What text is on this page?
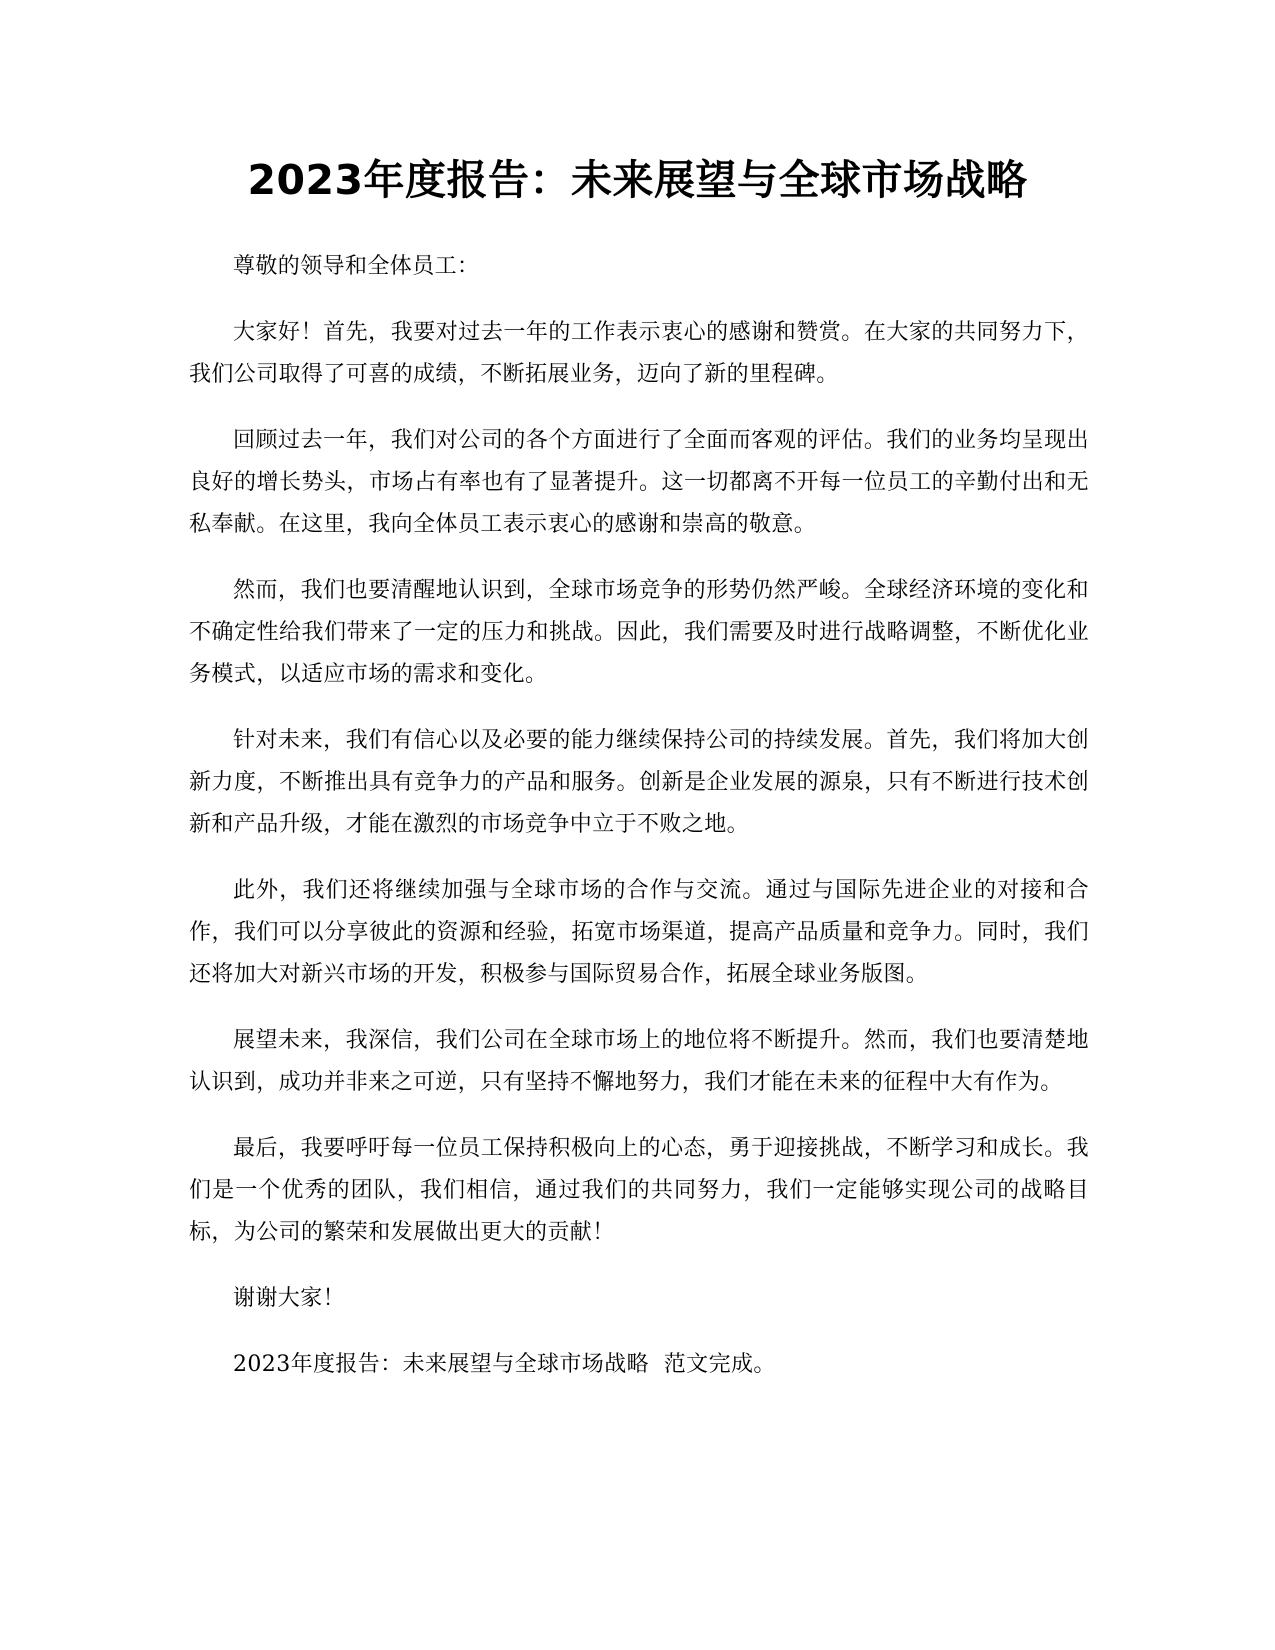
2023年度报告：未来展望与全球市场战略

尊敬的领导和全体员工：

大家好！首先，我要对过去一年的工作表示衷心的感谢和赞赏。在大家的共同努力下，我们公司取得了可喜的成绩，不断拓展业务，迈向了新的里程碑。

回顾过去一年，我们对公司的各个方面进行了全面而客观的评估。我们的业务均呈现出良好的增长势头，市场占有率也有了显著提升。这一切都离不开每一位员工的辛勤付出和无私奉献。在这里，我向全体员工表示衷心的感谢和崇高的敬意。

然而，我们也要清醒地认识到，全球市场竞争的形势仍然严峻。全球经济环境的变化和不确定性给我们带来了一定的压力和挑战。因此，我们需要及时进行战略调整，不断优化业务模式，以适应市场的需求和变化。

针对未来，我们有信心以及必要的能力继续保持公司的持续发展。首先，我们将加大创新力度，不断推出具有竞争力的产品和服务。创新是企业发展的源泉，只有不断进行技术创新和产品升级，才能在激烈的市场竞争中立于不败之地。

此外，我们还将继续加强与全球市场的合作与交流。通过与国际先进企业的对接和合作，我们可以分享彼此的资源和经验，拓宽市场渠道，提高产品质量和竞争力。同时，我们还将加大对新兴市场的开发，积极参与国际贸易合作，拓展全球业务版图。

展望未来，我深信，我们公司在全球市场上的地位将不断提升。然而，我们也要清楚地认识到，成功并非来之可逆，只有坚持不懈地努力，我们才能在未来的征程中大有作为。

最后，我要呼吁每一位员工保持积极向上的心态，勇于迎接挑战，不断学习和成长。我们是一个优秀的团队，我们相信，通过我们的共同努力，我们一定能够实现公司的战略目标，为公司的繁荣和发展做出更大的贡献！

谢谢大家！

2023年度报告：未来展望与全球市场战略  范文完成。
